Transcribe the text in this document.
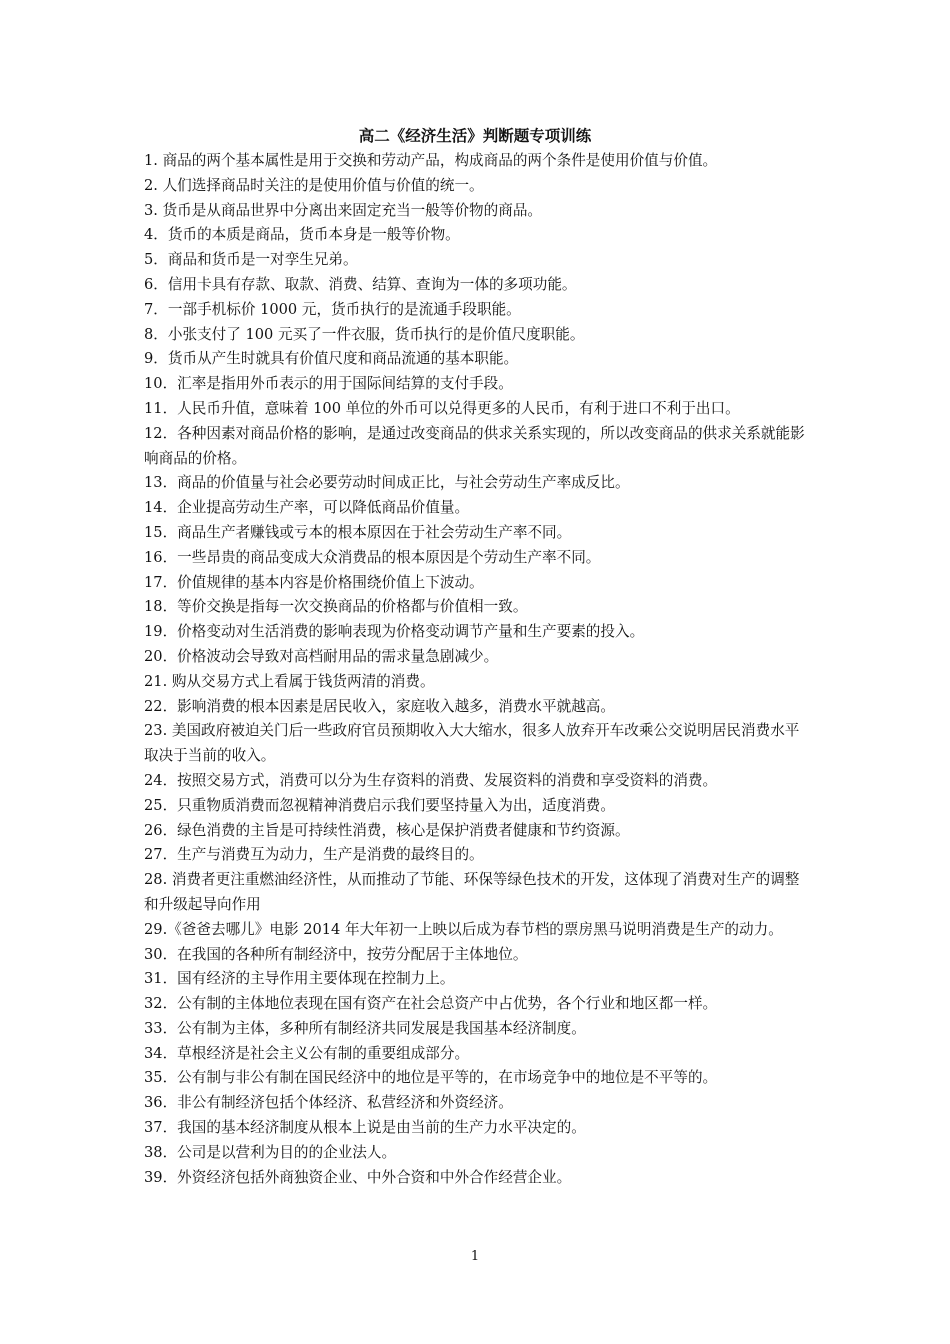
高二《经济生活》判断题专项训练
1. 商品的两个基本属性是用于交换和劳动产品，构成商品的两个条件是使用价值与价值。
2. 人们选择商品时关注的是使用价值与价值的统一。
3. 货币是从商品世界中分离出来固定充当一般等价物的商品。
4．货币的本质是商品，货币本身是一般等价物。
5．商品和货币是一对孪生兄弟。
6．信用卡具有存款、取款、消费、结算、查询为一体的多项功能。
7．一部手机标价 1000 元，货币执行的是流通手段职能。
8．小张支付了 100 元买了一件衣服，货币执行的是价值尺度职能。
9．货币从产生时就具有价值尺度和商品流通的基本职能。
10．汇率是指用外币表示的用于国际间结算的支付手段。
11．人民币升值，意味着 100 单位的外币可以兑得更多的人民币，有利于进口不利于出口。
12．各种因素对商品价格的影响，是通过改变商品的供求关系实现的，所以改变商品的供求关系就能影响商品的价格。
13．商品的价值量与社会必要劳动时间成正比，与社会劳动生产率成反比。
14．企业提高劳动生产率，可以降低商品价值量。
15．商品生产者赚钱或亏本的根本原因在于社会劳动生产率不同。
16．一些昂贵的商品变成大众消费品的根本原因是个劳动生产率不同。
17．价值规律的基本内容是价格围绕价值上下波动。
18．等价交换是指每一次交换商品的价格都与价值相一致。
19．价格变动对生活消费的影响表现为价格变动调节产量和生产要素的投入。
20．价格波动会导致对高档耐用品的需求量急剧减少。
21. 购从交易方式上看属于钱货两清的消费。
22．影响消费的根本因素是居民收入，家庭收入越多，消费水平就越高。
23. 美国政府被迫关门后一些政府官员预期收入大大缩水，很多人放弃开车改乘公交说明居民消费水平取决于当前的收入。
24．按照交易方式，消费可以分为生存资料的消费、发展资料的消费和享受资料的消费。
25．只重物质消费而忽视精神消费启示我们要坚持量入为出，适度消费。
26．绿色消费的主旨是可持续性消费，核心是保护消费者健康和节约资源。
27．生产与消费互为动力，生产是消费的最终目的。
28. 消费者更注重燃油经济性，从而推动了节能、环保等绿色技术的开发，这体现了消费对生产的调整和升级起导向作用
29.《爸爸去哪儿》电影 2014 年大年初一上映以后成为春节档的票房黑马说明消费是生产的动力。
30．在我国的各种所有制经济中，按劳分配居于主体地位。
31．国有经济的主导作用主要体现在控制力上。
32．公有制的主体地位表现在国有资产在社会总资产中占优势，各个行业和地区都一样。
33．公有制为主体，多种所有制经济共同发展是我国基本经济制度。
34．草根经济是社会主义公有制的重要组成部分。
35．公有制与非公有制在国民经济中的地位是平等的，在市场竞争中的地位是不平等的。
36．非公有制经济包括个体经济、私营经济和外资经济。
37．我国的基本经济制度从根本上说是由当前的生产力水平决定的。
38．公司是以营利为目的的企业法人。
39．外资经济包括外商独资企业、中外合资和中外合作经营企业。
1
